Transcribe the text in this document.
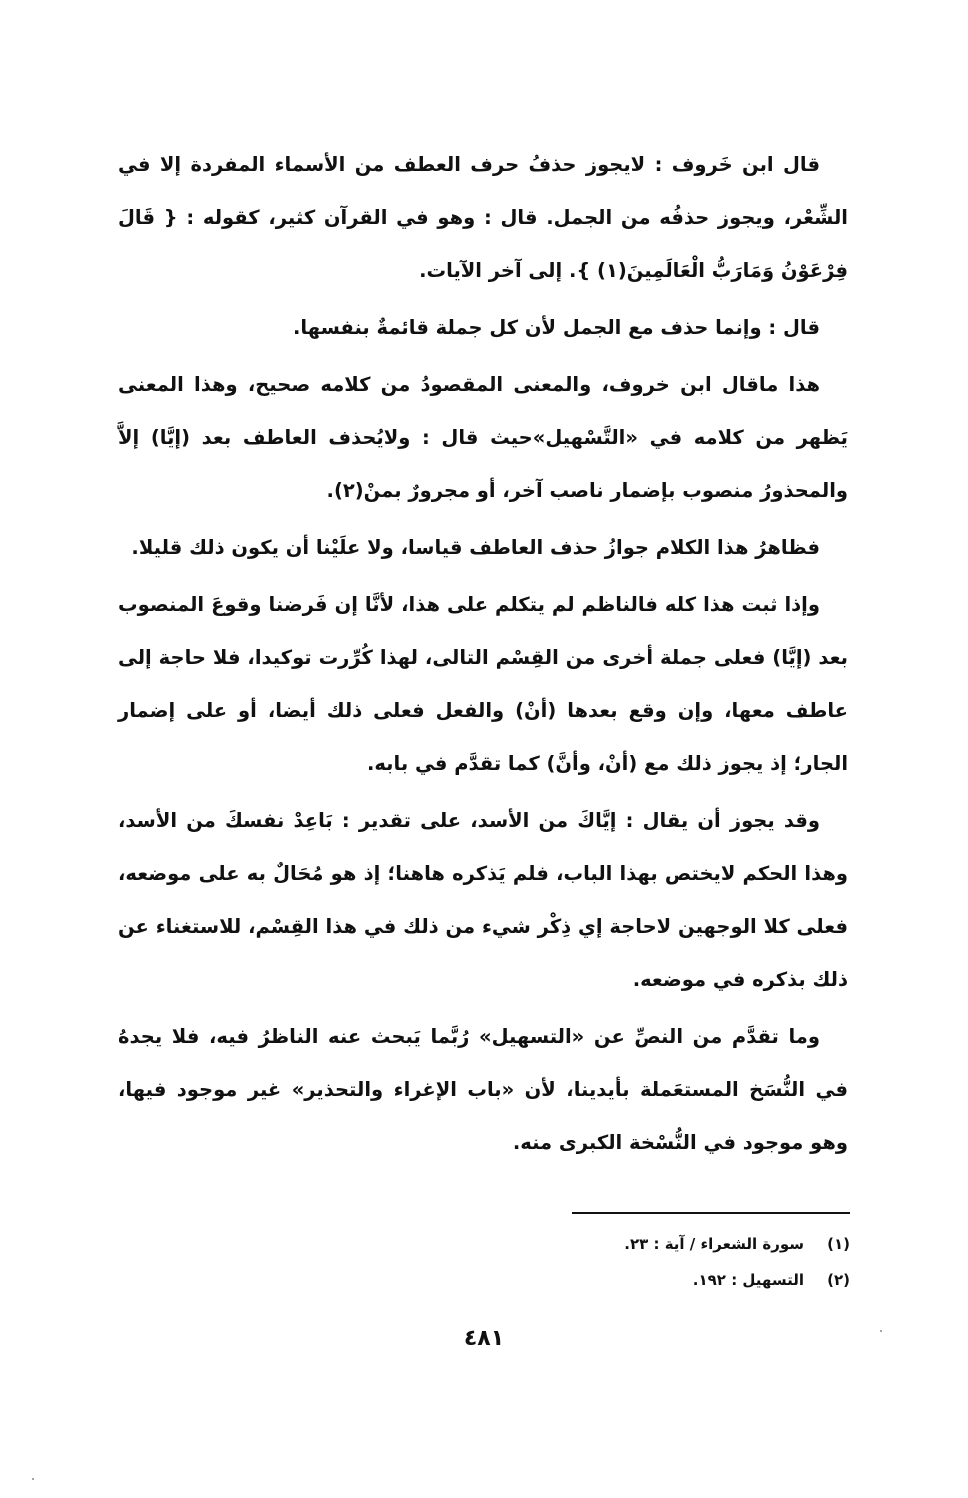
قال ابن خَروف : لايجوز حذفُ حرف العطف من الأسماء المفردة إلا في الشِّعْر، ويجوز حذفُه من الجمل. قال : وهو في القرآن كثير، كقوله : { قَالَ فِرْعَوْنُ وَمَارَبُّ الْعَالَمِينَ(١) }. إلى آخر الآيات.

قال : وإنما حذف مع الجمل لأن كل جملة قائمةٌ بنفسها.

هذا ماقال ابن خروف، والمعنى المقصودُ من كلامه صحيح، وهذا المعنى يَظهر من كلامه في «التَّسْهيل»حيث قال : ولايُحذف العاطف بعد (إيَّا) إلاَّ والمحذورُ منصوب بإضمار ناصب آخر، أو مجرورٌ بمنْ(٢).

فظاهرُ هذا الكلام جوازُ حذف العاطف قياسا، ولا علَيْنا أن يكون ذلك قليلا.

وإذا ثبت هذا كله فالناظم لم يتكلم على هذا، لأنَّا إن فَرضنا وقوعَ المنصوب بعد (إيَّا) فعلى جملة أخرى من القِسْم التالى، لهذا كُرِّرت توكيدا، فلا حاجة إلى عاطف معها، وإن وقع بعدها (أنْ) والفعل فعلى ذلك أيضا، أو على إضمار الجار؛ إذ يجوز ذلك مع (أنْ، وأنَّ) كما تقدَّم في بابه.

وقد يجوز أن يقال : إيَّاكَ من الأسد، على تقدير : بَاعِدْ نفسكَ من الأسد، وهذا الحكم لايختص بهذا الباب، فلم يَذكره هاهنا؛ إذ هو مُحَالٌ به على موضعه، فعلى كلا الوجهين لاحاجة إي ذِكْر شيء من ذلك في هذا القِسْم، للاستغناء عن ذلك بذكره في موضعه.

وما تقدَّم من النصِّ عن «التسهيل» رُبَّما يَبحث عنه الناظرُ فيه، فلا يجدهُ في النُّسَخ المستعَملة بأيدينا، لأن «باب الإغراء والتحذير» غير موجود فيها، وهو موجود في النُّسْخة الكبرى منه.

(١)
سورة الشعراء / آية : ٢٣.
(٢)
التسهيل : ١٩٢.
٤٨١
